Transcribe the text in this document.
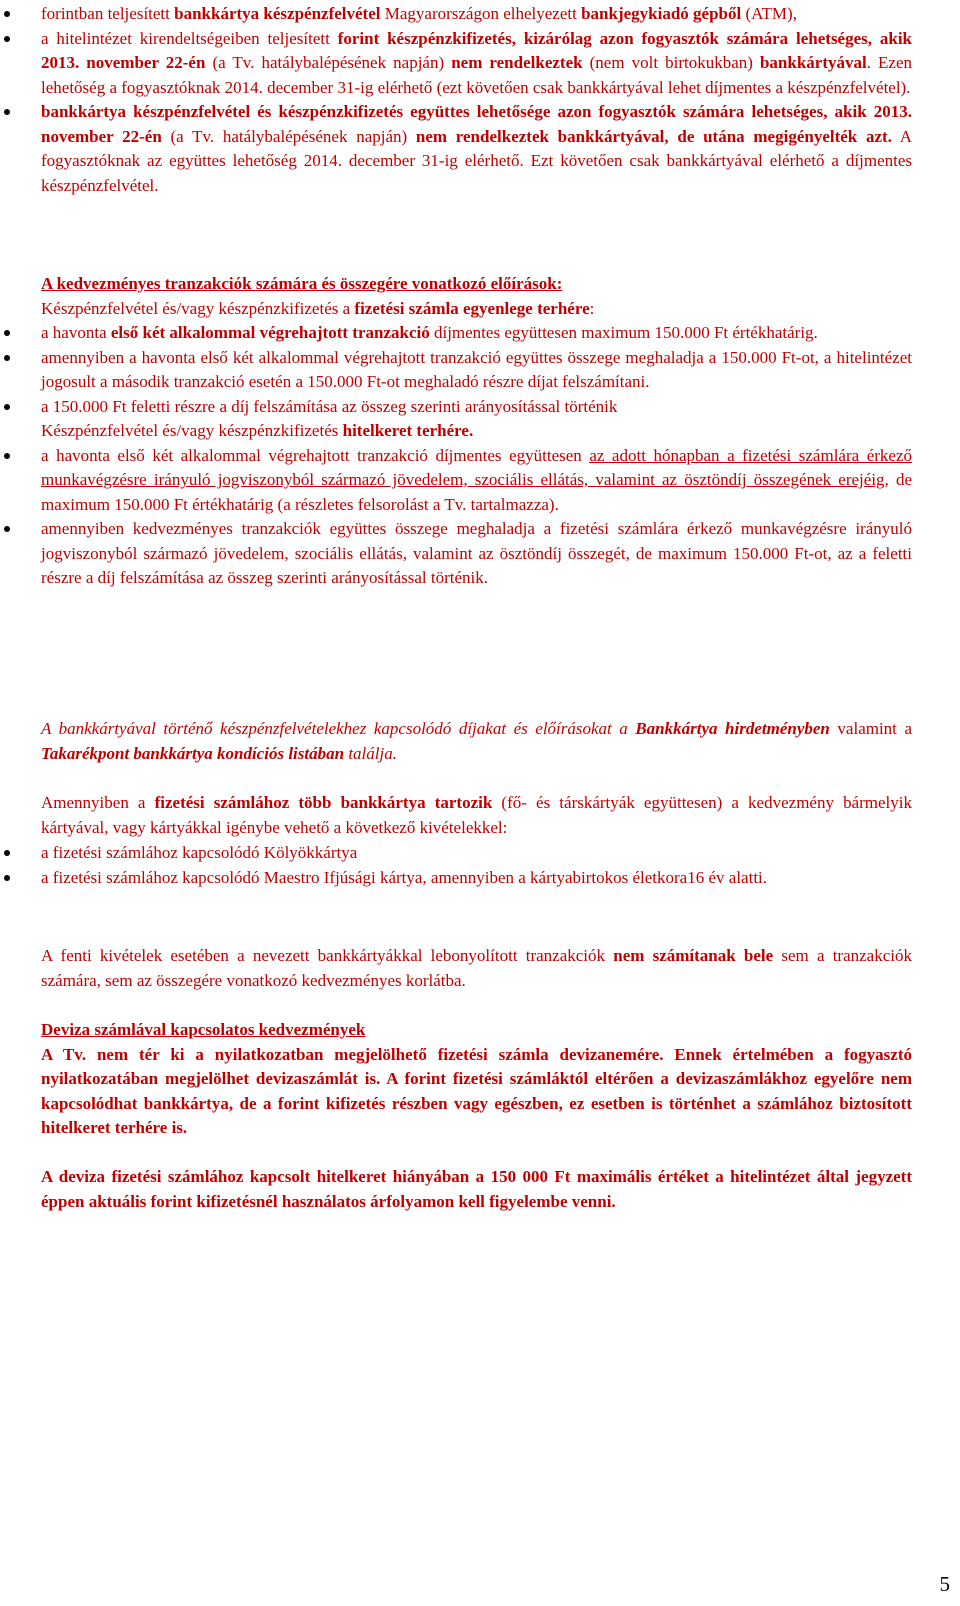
forintban teljesített bankkártya készpénzfelvétel Magyarországon elhelyezett bankjegykiadó gépből (ATM),
a hitelintézet kirendeltségeiben teljesített forint készpénzkifizetés, kizárólag azon fogyasztók számára lehetséges, akik 2013. november 22-én (a Tv. hatálybalépésének napján) nem rendelkeztek (nem volt birtokukban) bankkártyával. Ezen lehetőség a fogyasztóknak 2014. december 31-ig elérhető (ezt követően csak bankkártyával lehet díjmentes a készpénzfelvétel).
bankkártya készpénzfelvétel és készpénzkifizetés együttes lehetősége azon fogyasztók számára lehetséges, akik 2013. november 22-én (a Tv. hatálybalépésének napján) nem rendelkeztek bankkártyával, de utána megigényelték azt. A fogyasztóknak az együttes lehetőség 2014. december 31-ig elérhető. Ezt követően csak bankkártyával elérhető a díjmentes készpénzfelvétel.

A kedvezményes tranzakciók számára és összegére vonatkozó előírások:

Készpénzfelvétel és/vagy készpénzkifizetés a fizetési számla egyenlege terhére:

a havonta első két alkalommal végrehajtott tranzakció díjmentes együttesen maximum 150.000 Ft értékhatárig.
amennyiben a havonta első két alkalommal végrehajtott tranzakció együttes összege meghaladja a 150.000 Ft-ot, a hitelintézet jogosult a második tranzakció esetén a 150.000 Ft-ot meghaladó részre díjat felszámítani.
a 150.000 Ft feletti részre a díj felszámítása az összeg szerinti arányosítással történik
Készpénzfelvétel és/vagy készpénzkifizetés hitelkeret terhére.
a havonta első két alkalommal végrehajtott tranzakció díjmentes együttesen az adott hónapban a fizetési számlára érkező munkavégzésre irányuló jogviszonyból származó jövedelem, szociális ellátás, valamint az ösztöndíj összegének erejéig, de maximum 150.000 Ft értékhatárig (a részletes felsorolást a Tv. tartalmazza).
amennyiben kedvezményes tranzakciók együttes összege meghaladja a fizetési számlára érkező munkavégzésre irányuló jogviszonyból származó jövedelem, szociális ellátás, valamint az ösztöndíj összegét, de maximum 150.000 Ft-ot, az a feletti részre a díj felszámítása az összeg szerinti arányosítással történik.

A bankkártyával történő készpénzfelvételekhez kapcsolódó díjakat és előírásokat a Bankkártya hirdetményben valamint a Takarékpont bankkártya kondíciós listában találja.

Amennyiben a fizetési számlához több bankkártya tartozik (fő- és társkártyák együttesen) a kedvezmény bármelyik kártyával, vagy kártyákkal igénybe vehető a következő kivételekkel:

a fizetési számlához kapcsolódó Kölyökkártya
a fizetési számlához kapcsolódó Maestro Ifjúsági kártya, amennyiben a kártyabirtokos életkora16 év alatti.

A fenti kivételek esetében a nevezett bankkártyákkal lebonyolított tranzakciók nem számítanak bele sem a tranzakciók számára, sem az összegére vonatkozó kedvezményes korlátba.

Deviza számlával kapcsolatos kedvezmények

A Tv. nem tér ki a nyilatkozatban megjelölhető fizetési számla devizanemére. Ennek értelmében a fogyasztó nyilatkozatában megjelölhet devizaszámlát is. A forint fizetési számláktól eltérően a devizaszámlákhoz egyelőre nem kapcsolódhat bankkártya, de a forint kifizetés részben vagy egészben, ez esetben is történhet a számlához biztosított hitelkeret terhére is.

A deviza fizetési számlához kapcsolt hitelkeret hiányában a 150 000 Ft maximális értéket a hitelintézet által jegyzett éppen aktuális forint kifizetésnél használatos árfolyamon kell figyelembe venni.

5
